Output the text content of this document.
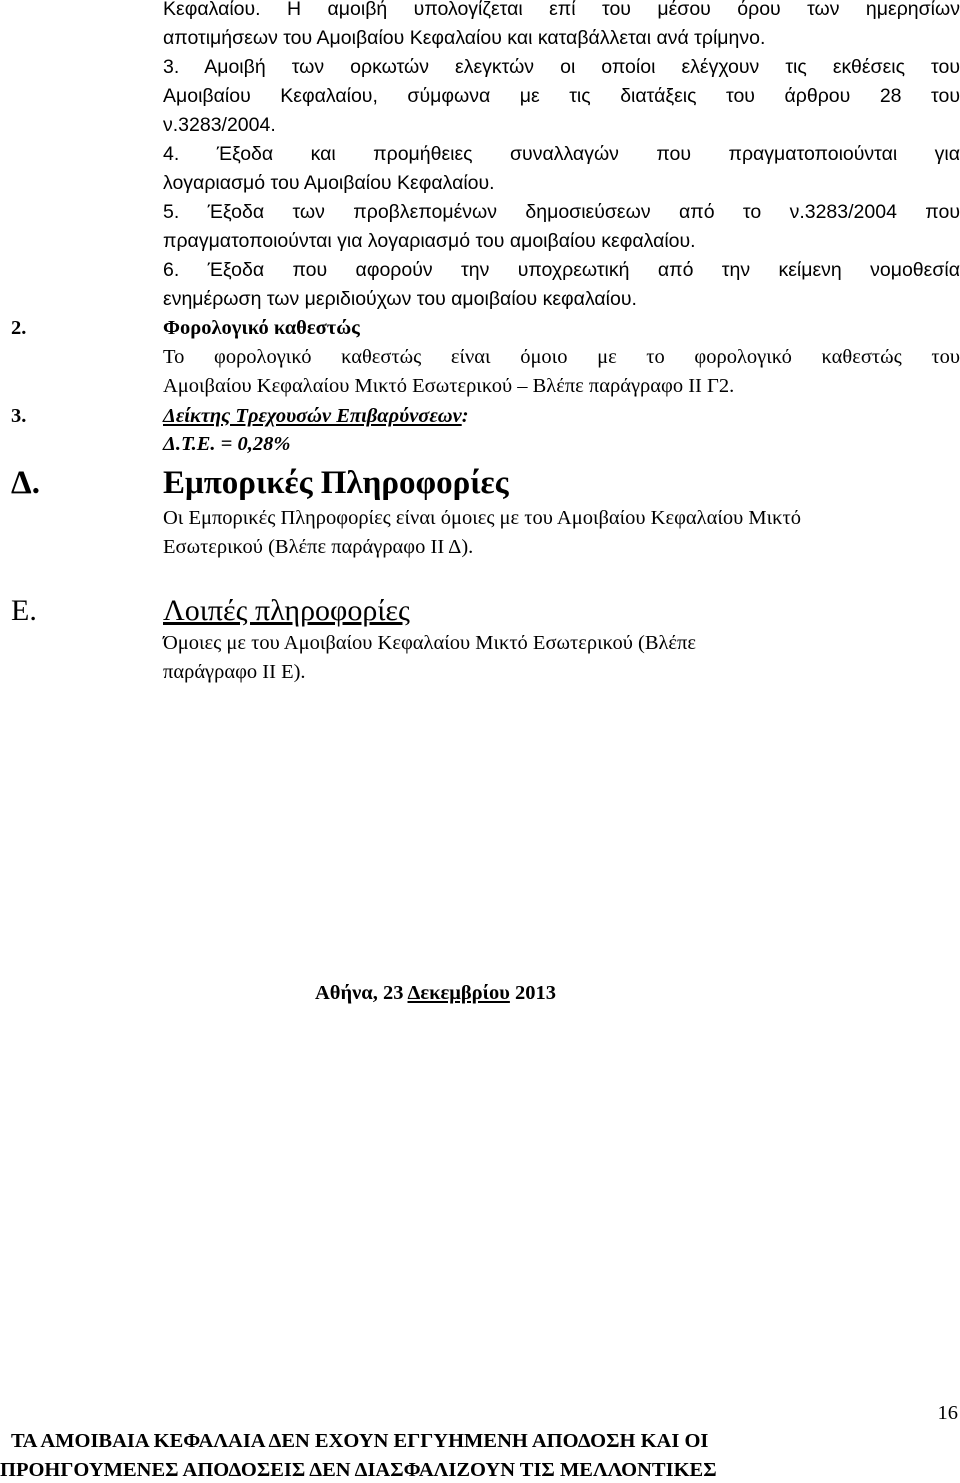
Κεφαλαίου. Η αμοιβή υπολογίζεται επί του μέσου όρου των ημερησίων
αποτιμήσεων του Αμοιβαίου Κεφαλαίου και καταβάλλεται ανά τρίμηνο.
3. Αμοιβή των ορκωτών ελεγκτών οι οποίοι ελέγχουν τις εκθέσεις του
Αμοιβαίου Κεφαλαίου, σύμφωνα με τις διατάξεις του άρθρου 28 του
ν.3283/2004.
4. Έξοδα και προμήθειες συναλλαγών που πραγματοποιούνται για
λογαριασμό του Αμοιβαίου Κεφαλαίου.
5. Έξοδα των προβλεπομένων δημοσιεύσεων από το ν.3283/2004 που
πραγματοποιούνται για λογαριασμό του αμοιβαίου κεφαλαίου.
6. Έξοδα που αφορούν την υποχρεωτική από την κείμενη νομοθεσία
ενημέρωση των μεριδιούχων του αμοιβαίου κεφαλαίου.
2.	Φορολογικό καθεστώς
Το φορολογικό καθεστώς είναι όμοιο με το φορολογικό καθεστώς του
Αμοιβαίου Κεφαλαίου Μικτό Εσωτερικού – Βλέπε παράγραφο ΙΙ Γ2.
3.	Δείκτης Τρεχουσών Επιβαρύνσεων:
Δ.Τ.Ε. = 0,28%
Δ.	Εμπορικές Πληροφορίες
Οι Εμπορικές Πληροφορίες είναι όμοιες με του Αμοιβαίου Κεφαλαίου Μικτό
Εσωτερικού (Βλέπε παράγραφο ΙΙ Δ).
Ε.	Λοιπές πληροφορίες
Όμοιες με του Αμοιβαίου Κεφαλαίου Μικτό Εσωτερικού (Βλέπε
παράγραφο ΙΙ Ε).
Αθήνα, 23 Δεκεμβρίου 2013
16
ΤΑ ΑΜΟΙΒΑΙΑ ΚΕΦΑΛΑΙΑ ΔΕΝ ΕΧΟΥΝ ΕΓΓΥΗΜΕΝΗ ΑΠΟΔΟΣΗ ΚΑΙ ΟΙ
ΠΡΟΗΓΟΥΜΕΝΕΣ ΑΠΟΔΟΣΕΙΣ ΔΕΝ ΔΙΑΣΦΑΛΙΖΟΥΝ ΤΙΣ ΜΕΛΛΟΝΤΙΚΕΣ
